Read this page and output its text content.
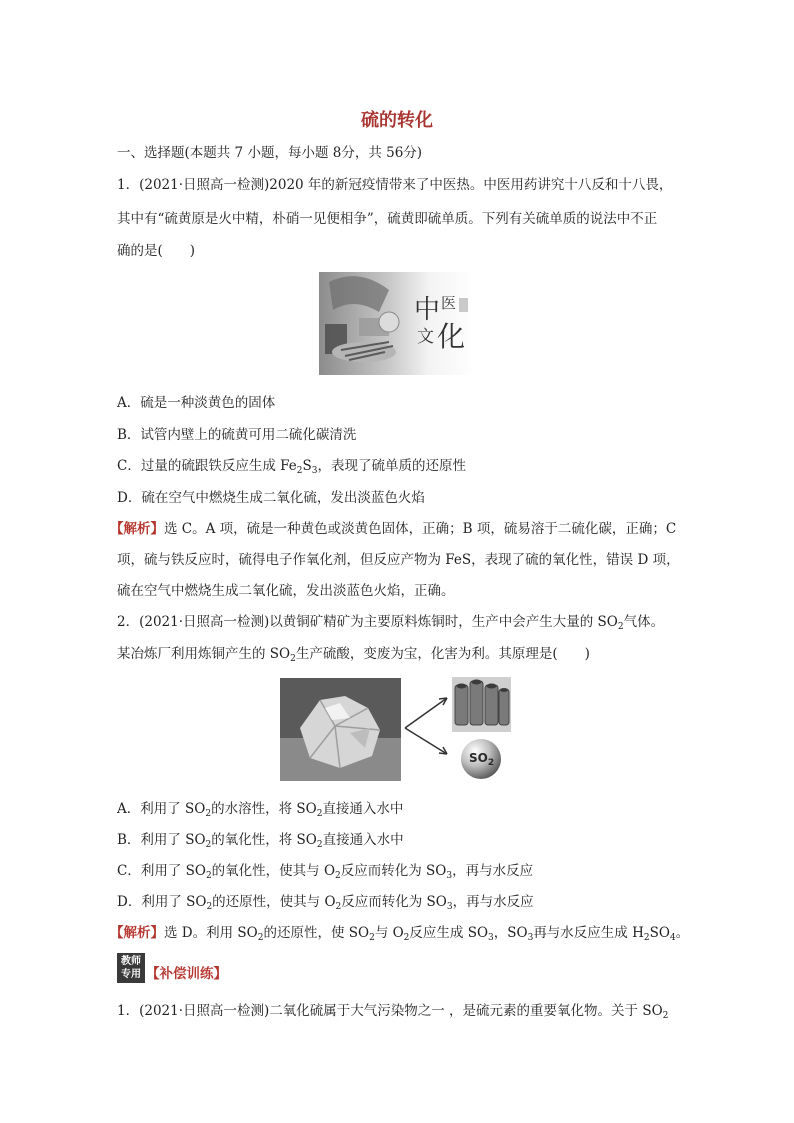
硫的转化
一、选择题(本题共 7 小题，每小题 8分，共 56分)
1．(2021·日照高一检测)2020 年的新冠疫情带来了中医热。中医用药讲究十八反和十八畏，
其中有“硫黄原是火中精，朴硝一见便相争”，硫黄即硫单质。下列有关硫单质的说法中不正
确的是(　　)
中 医
文 化
A．硫是一种淡黄色的固体
B．试管内壁上的硫黄可用二硫化碳清洗
C．过量的硫跟铁反应生成 $Fe_2S_3$，表现了硫单质的还原性
D．硫在空气中燃烧生成二氧化硫，发出淡蓝色火焰
【解析】选 C。A 项，硫是一种黄色或淡黄色固体，正确；B 项，硫易溶于二硫化碳，正确；C
项，硫与铁反应时，硫得电子作氧化剂，但反应产物为 FeS，表现了硫的氧化性，错误 D 项，
硫在空气中燃烧生成二氧化硫，发出淡蓝色火焰，正确。
2．(2021·日照高一检测)以黄铜矿精矿为主要原料炼铜时，生产中会产生大量的 $SO_2$气体。
某冶炼厂利用炼铜产生的 $SO_2$生产硫酸，变废为宝，化害为利。其原理是(　　)
$SO_2$
A．利用了 $SO_2$的水溶性，将 $SO_2$直接通入水中
B．利用了 $SO_2$的氧化性，将 $SO_2$直接通入水中
C．利用了 $SO_2$的氧化性，使其与 $O_2$反应而转化为 $SO_3$，再与水反应
D．利用了 $SO_2$的还原性，使其与 $O_2$反应而转化为 $SO_3$，再与水反应
【解析】选 D。利用 $SO_2$的还原性，使 $SO_2$与 $O_2$反应生成 $SO_3$，$SO_3$再与水反应生成 $H_2SO_4$。
教师
专用 【补偿训练】
1．(2021·日照高一检测)二氧化硫属于大气污染物之一 ，是硫元素的重要氧化物。关于 $SO_2$
